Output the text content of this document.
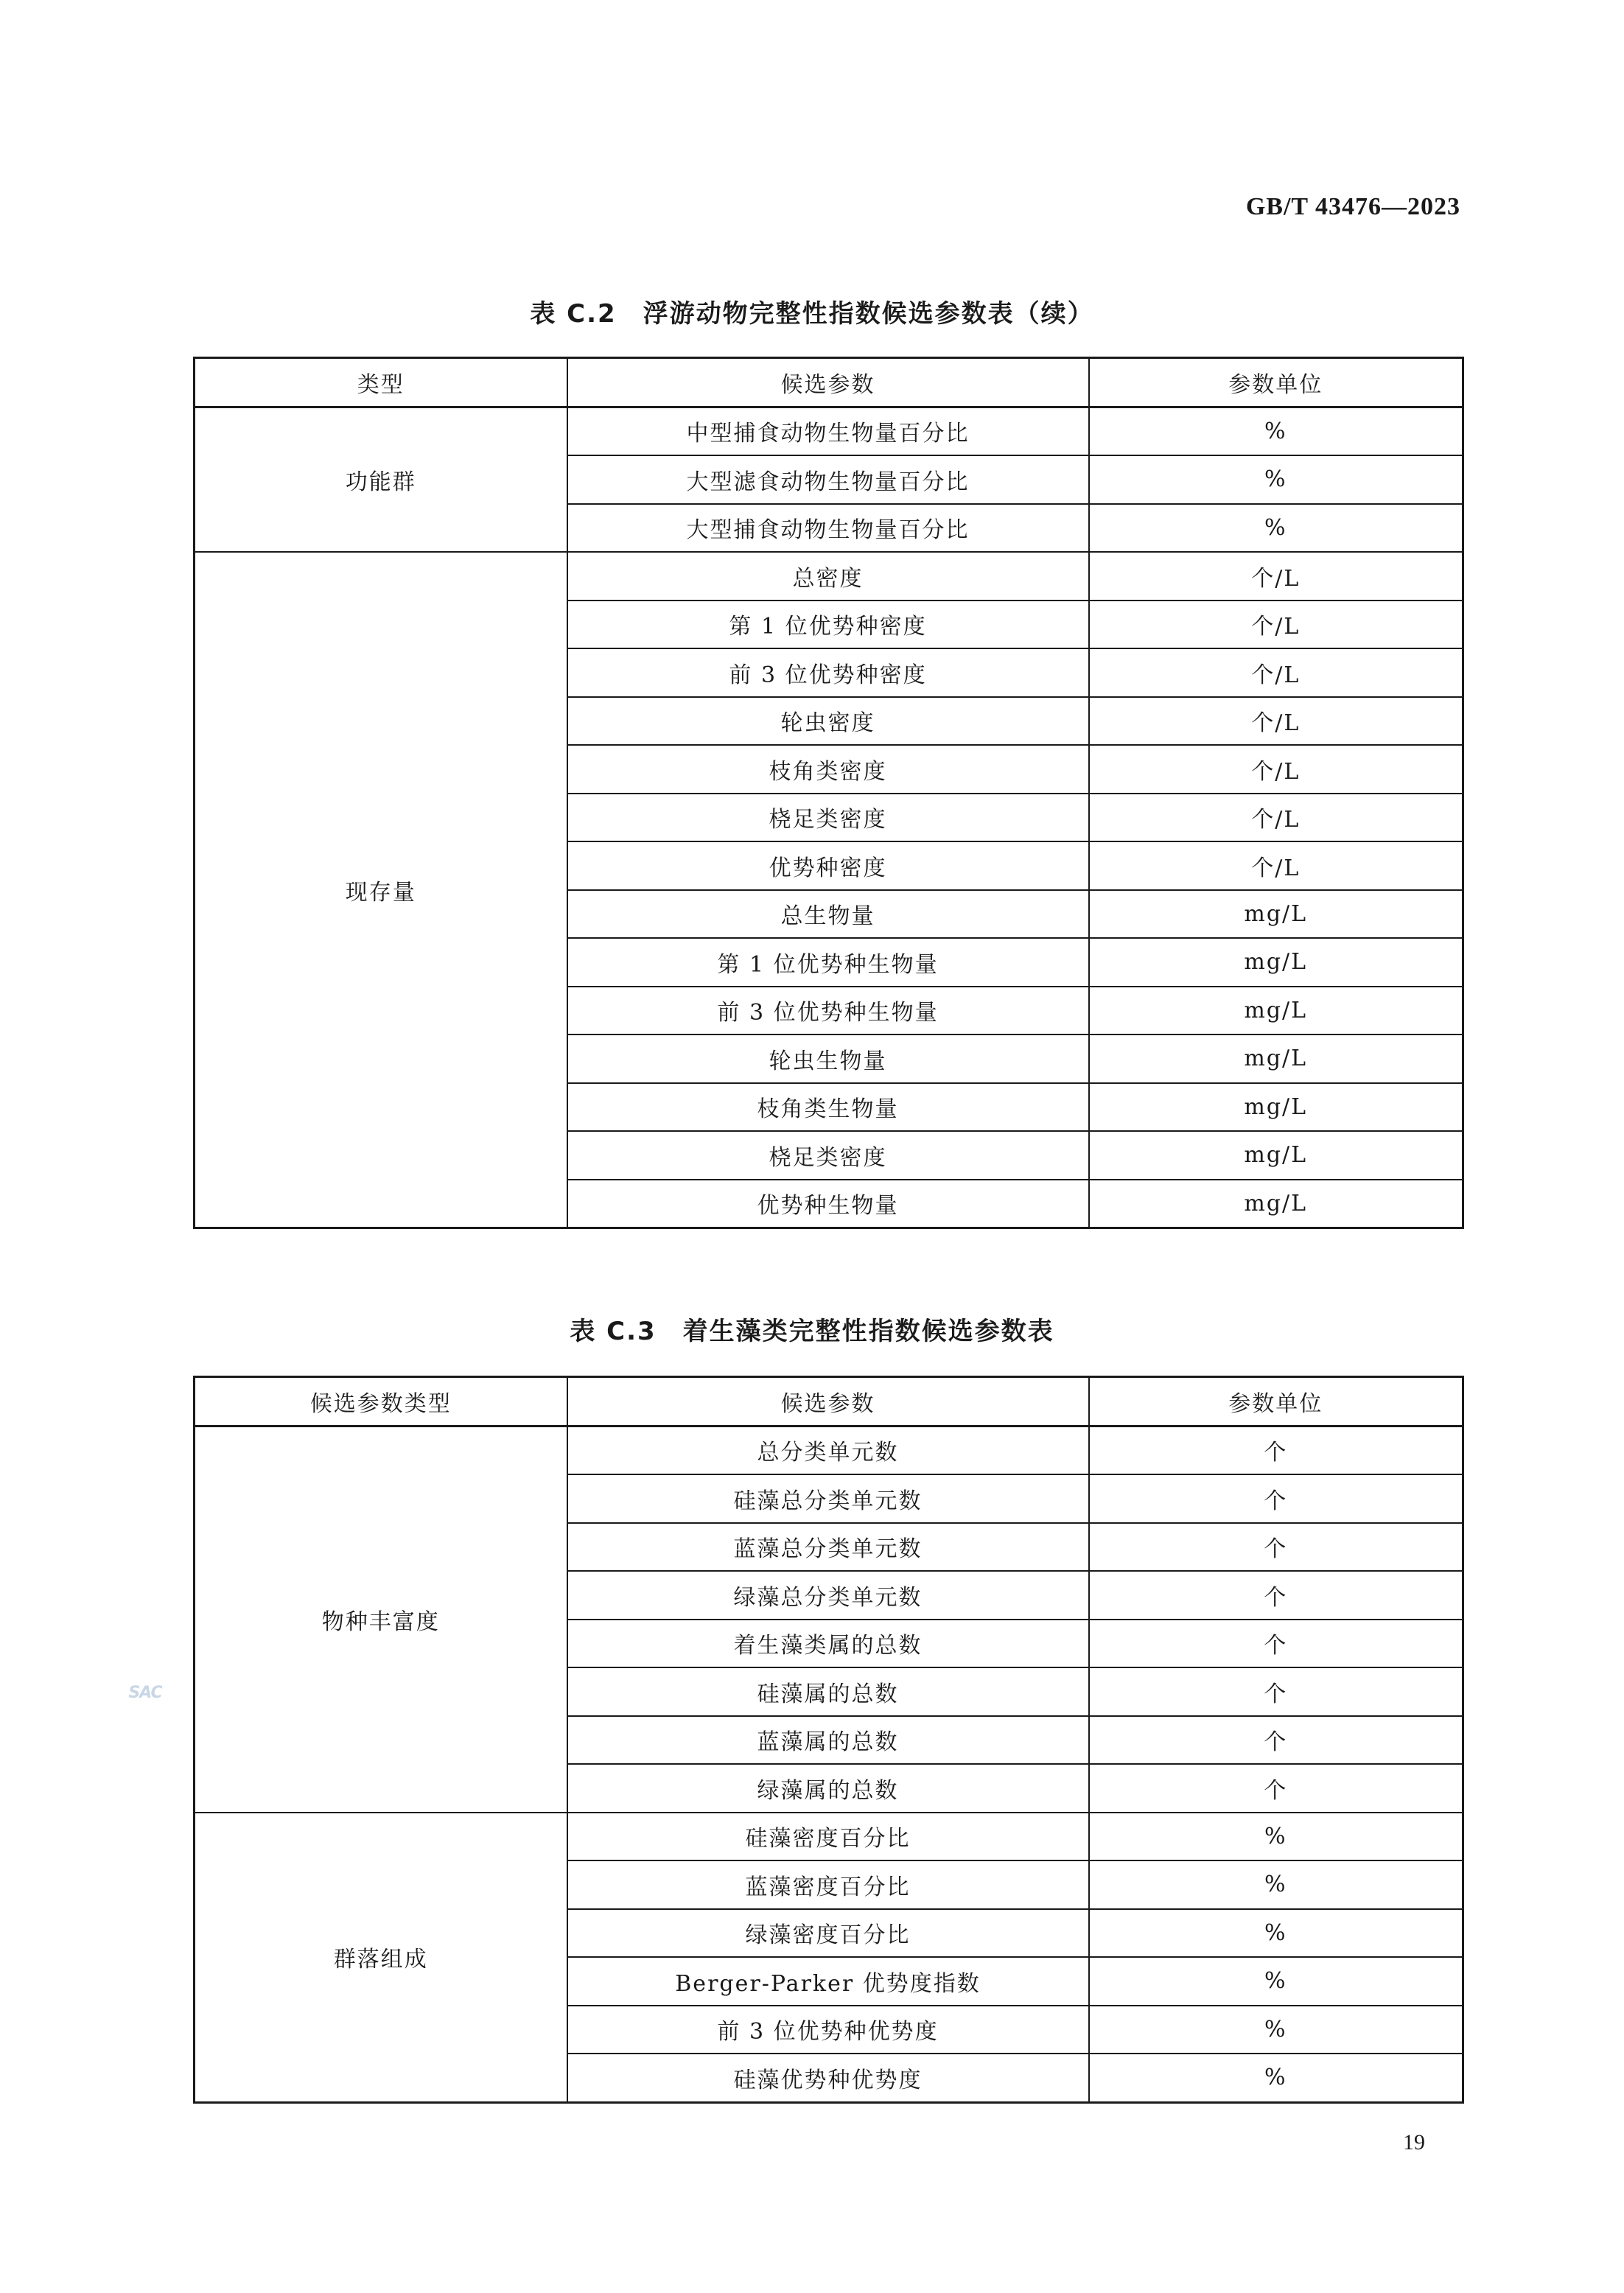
GB/T 43476—2023
表 C.2　浮游动物完整性指数候选参数表（续）
类型	候选参数	参数单位
功能群	中型捕食动物生物量百分比	%
	大型滤食动物生物量百分比	%
	大型捕食动物生物量百分比	%
现存量	总密度	个/L
	第 1 位优势种密度	个/L
	前 3 位优势种密度	个/L
	轮虫密度	个/L
	枝角类密度	个/L
	桡足类密度	个/L
	优势种密度	个/L
	总生物量	mg/L
	第 1 位优势种生物量	mg/L
	前 3 位优势种生物量	mg/L
	轮虫生物量	mg/L
	枝角类生物量	mg/L
	桡足类密度	mg/L
	优势种生物量	mg/L
表 C.3　着生藻类完整性指数候选参数表
候选参数类型	候选参数	参数单位
物种丰富度	总分类单元数	个
	硅藻总分类单元数	个
	蓝藻总分类单元数	个
	绿藻总分类单元数	个
	着生藻类属的总数	个
	硅藻属的总数	个
	蓝藻属的总数	个
	绿藻属的总数	个
群落组成	硅藻密度百分比	%
	蓝藻密度百分比	%
	绿藻密度百分比	%
	Berger-Parker 优势度指数	%
	前 3 位优势种优势度	%
	硅藻优势种优势度	%
SAC
19
